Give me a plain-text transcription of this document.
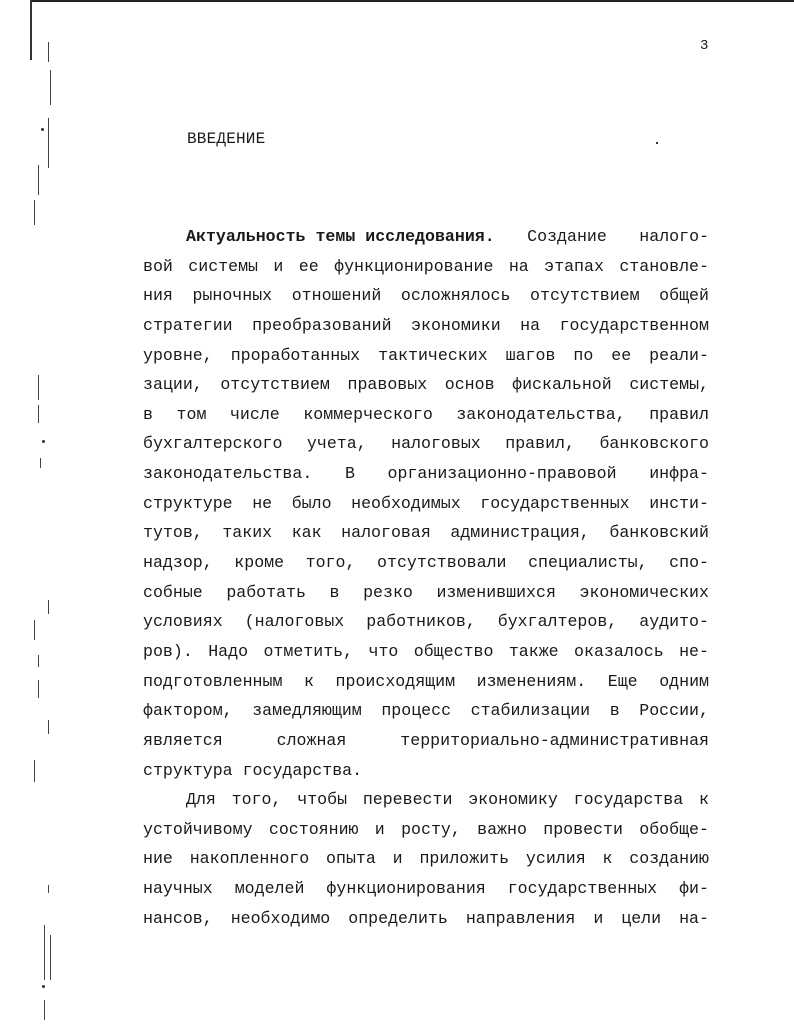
3
ВВЕДЕНИЕ
Актуальность темы исследования. Создание налого-
вой системы и ее функционирование на этапах становле-
ния рыночных отношений осложнялось отсутствием общей
стратегии преобразований экономики на государственном
уровне, проработанных тактических шагов по ее реали-
зации, отсутствием правовых основ фискальной системы,
в том числе коммерческого законодательства, правил
бухгалтерского учета, налоговых правил, банковского
законодательства. В организационно-правовой инфра-
структуре не было необходимых государственных инсти-
тутов, таких как налоговая администрация, банковский
надзор, кроме того, отсутствовали специалисты, спо-
собные работать в резко изменившихся экономических
условиях (налоговых работников, бухгалтеров, аудито-
ров). Надо отметить, что общество также оказалось не-
подготовленным к происходящим изменениям. Еще одним
фактором, замедляющим процесс стабилизации в России,
является	сложная	территориально-административная
структура государства.
Для того, чтобы перевести экономику государства к
устойчивому состоянию и росту, важно провести обобще-
ние накопленного опыта и приложить усилия к созданию
научных моделей функционирования государственных фи-
нансов, необходимо определить направления и цели на-
